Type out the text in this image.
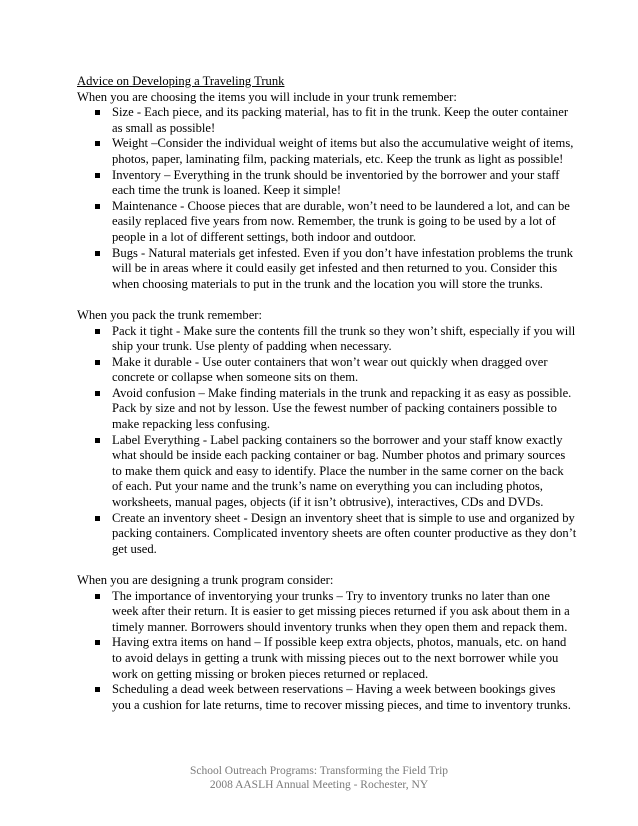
Advice on Developing a Traveling Trunk
When you are choosing the items you will include in your trunk remember:
Size - Each piece, and its packing material, has to fit in the trunk. Keep the outer container as small as possible!
Weight –Consider the individual weight of items but also the accumulative weight of items, photos, paper, laminating film, packing materials, etc. Keep the trunk as light as possible!
Inventory – Everything in the trunk should be inventoried by the borrower and your staff each time the trunk is loaned. Keep it simple!
Maintenance - Choose pieces that are durable, won’t need to be laundered a lot, and can be easily replaced five years from now. Remember, the trunk is going to be used by a lot of people in a lot of different settings, both indoor and outdoor.
Bugs - Natural materials get infested. Even if you don’t have infestation problems the trunk will be in areas where it could easily get infested and then returned to you. Consider this when choosing materials to put in the trunk and the location you will store the trunks.
When you pack the trunk remember:
Pack it tight - Make sure the contents fill the trunk so they won’t shift, especially if you will ship your trunk. Use plenty of padding when necessary.
Make it durable - Use outer containers that won’t wear out quickly when dragged over concrete or collapse when someone sits on them.
Avoid confusion – Make finding materials in the trunk and repacking it as easy as possible. Pack by size and not by lesson. Use the fewest number of packing containers possible to make repacking less confusing.
Label Everything - Label packing containers so the borrower and your staff know exactly what should be inside each packing container or bag. Number photos and primary sources to make them quick and easy to identify. Place the number in the same corner on the back of each. Put your name and the trunk’s name on everything you can including photos, worksheets, manual pages, objects (if it isn’t obtrusive), interactives, CDs and DVDs.
Create an inventory sheet - Design an inventory sheet that is simple to use and organized by packing containers. Complicated inventory sheets are often counter productive as they don’t get used.
When you are designing a trunk program consider:
The importance of inventorying your trunks – Try to inventory trunks no later than one week after their return. It is easier to get missing pieces returned if you ask about them in a timely manner. Borrowers should inventory trunks when they open them and repack them.
Having extra items on hand – If possible keep extra objects, photos, manuals, etc. on hand to avoid delays in getting a trunk with missing pieces out to the next borrower while you work on getting missing or broken pieces returned or replaced.
Scheduling a dead week between reservations – Having a week between bookings gives you a cushion for late returns, time to recover missing pieces, and time to inventory trunks.
School Outreach Programs: Transforming the Field Trip
2008 AASLH Annual Meeting - Rochester, NY
